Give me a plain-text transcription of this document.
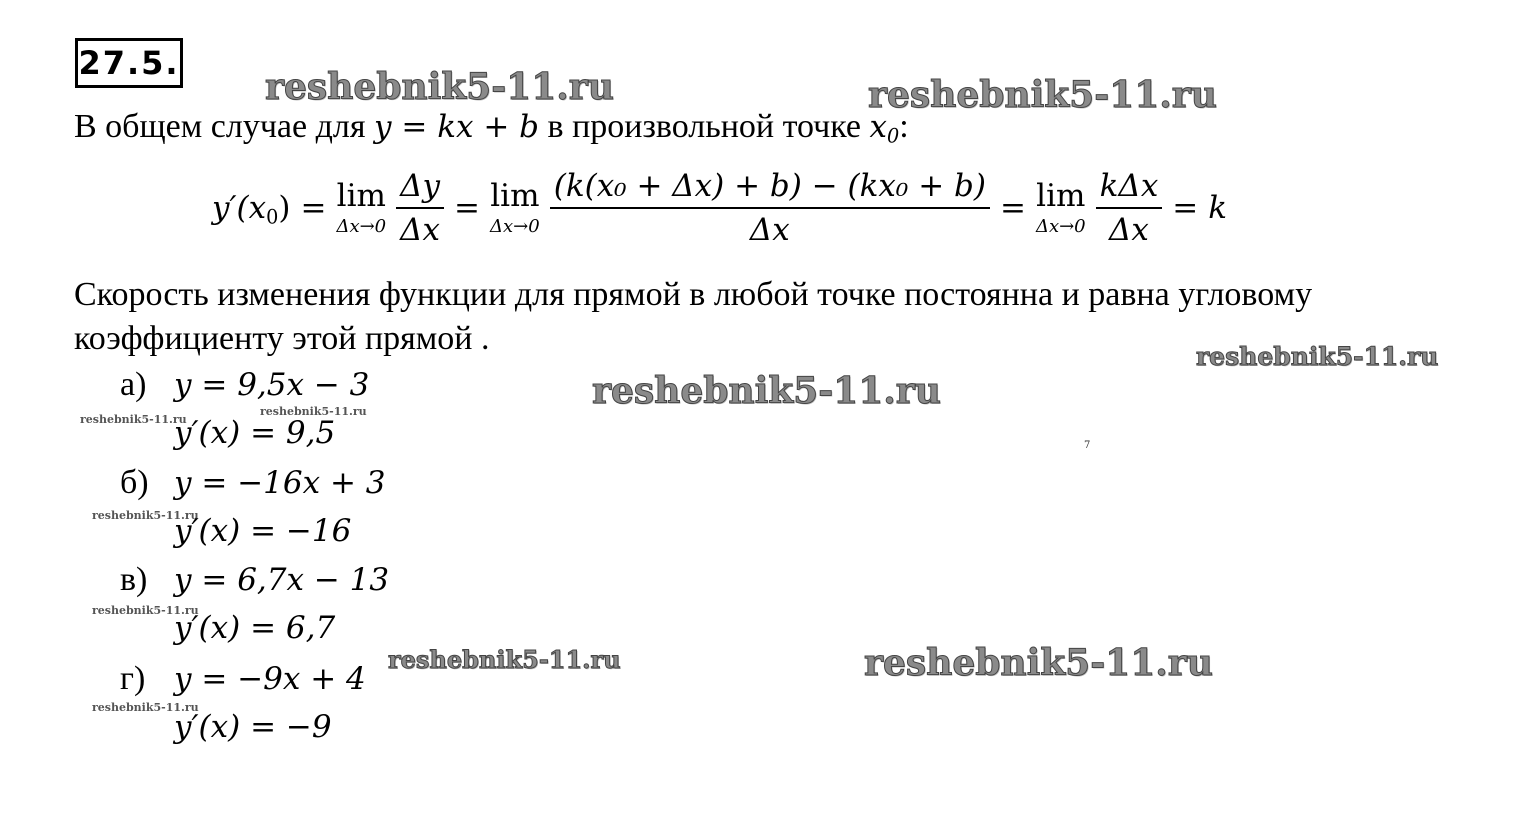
27.5.
reshebnik5-11.ru	reshebnik5-11.ru
reshebnik5-11.ru
reshebnik5-11.ru
reshebnik5-11.ru
reshebnik5-11.ru
reshebnik5-11.ru
reshebnik5-11.ru
reshebnik5-11.ru	reshebnik5-11.ru
reshebnik5-11.ru
В общем случае для y = kx + b в произвольной точке $x_0$:
$y'(x_0) = \lim$
$\Delta x\to 0 \frac{\Delta y}{\Delta x} = \lim$
$\Delta x\to 0 \frac{\text{(k(x₀ + Δx) + b) − (kx₀ + b)}}{\Delta x} = \lim$
$\Delta x\to 0 \frac{\text{kΔx}}{\Delta x} = k$
Скорость изменения функции для прямой в любой точке постоянна и равна угловому
коэффициенту этой прямой .
а) y = 9,5x − 3
y′(x) = 9,5
б) y = −16x + 3
y′(x) = −16
в) y = 6,7x − 13
y′(x) = 6,7
г) y = −9x + 4
y′(x) = −9
7
